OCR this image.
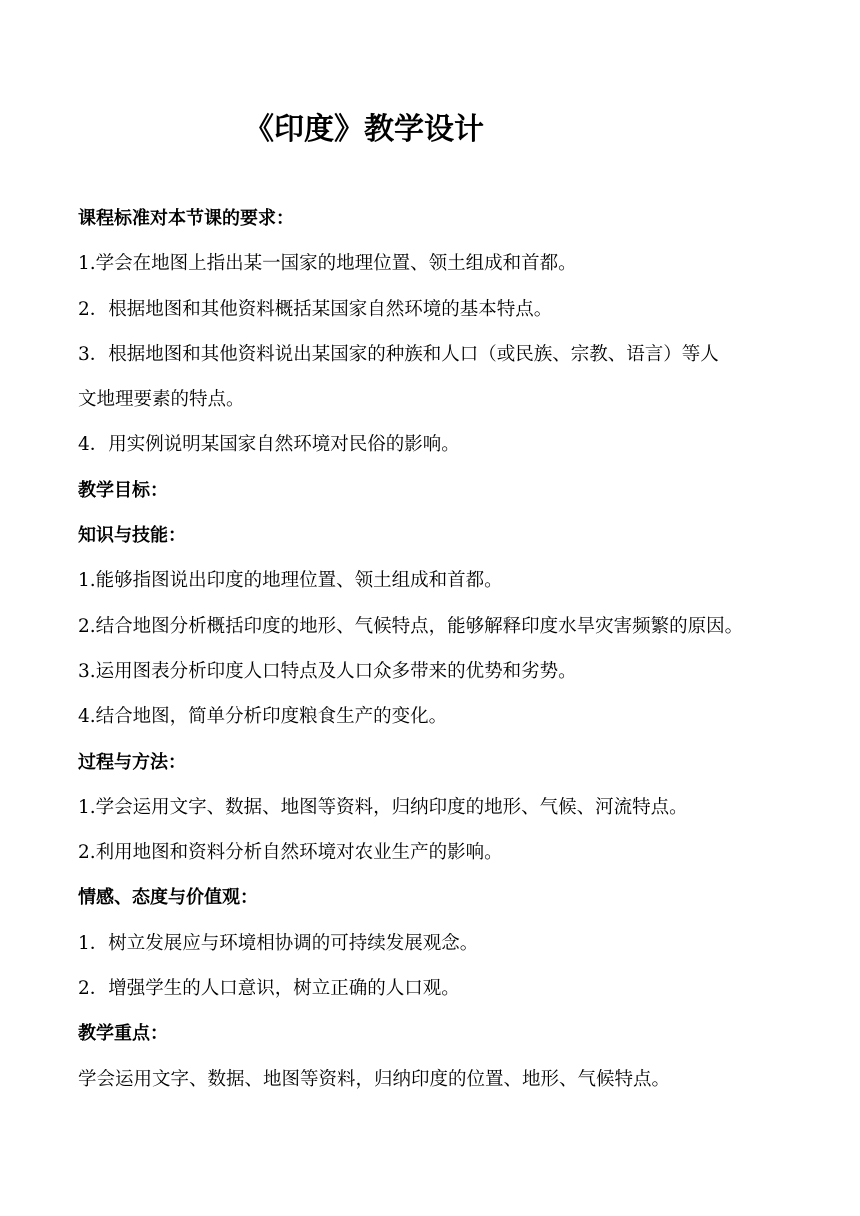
《印度》教学设计
课程标准对本节课的要求：
1.学会在地图上指出某一国家的地理位置、领土组成和首都。
2．根据地图和其他资料概括某国家自然环境的基本特点。
3．根据地图和其他资料说出某国家的种族和人口（或民族、宗教、语言）等人
文地理要素的特点。
4．用实例说明某国家自然环境对民俗的影响。
教学目标：
知识与技能：
1.能够指图说出印度的地理位置、领土组成和首都。
2.结合地图分析概括印度的地形、气候特点，能够解释印度水旱灾害频繁的原因。
3.运用图表分析印度人口特点及人口众多带来的优势和劣势。
4.结合地图，简单分析印度粮食生产的变化。
过程与方法：
1.学会运用文字、数据、地图等资料，归纳印度的地形、气候、河流特点。
2.利用地图和资料分析自然环境对农业生产的影响。
情感、态度与价值观：
1．树立发展应与环境相协调的可持续发展观念。
2．增强学生的人口意识，树立正确的人口观。
教学重点：
学会运用文字、数据、地图等资料，归纳印度的位置、地形、气候特点。
